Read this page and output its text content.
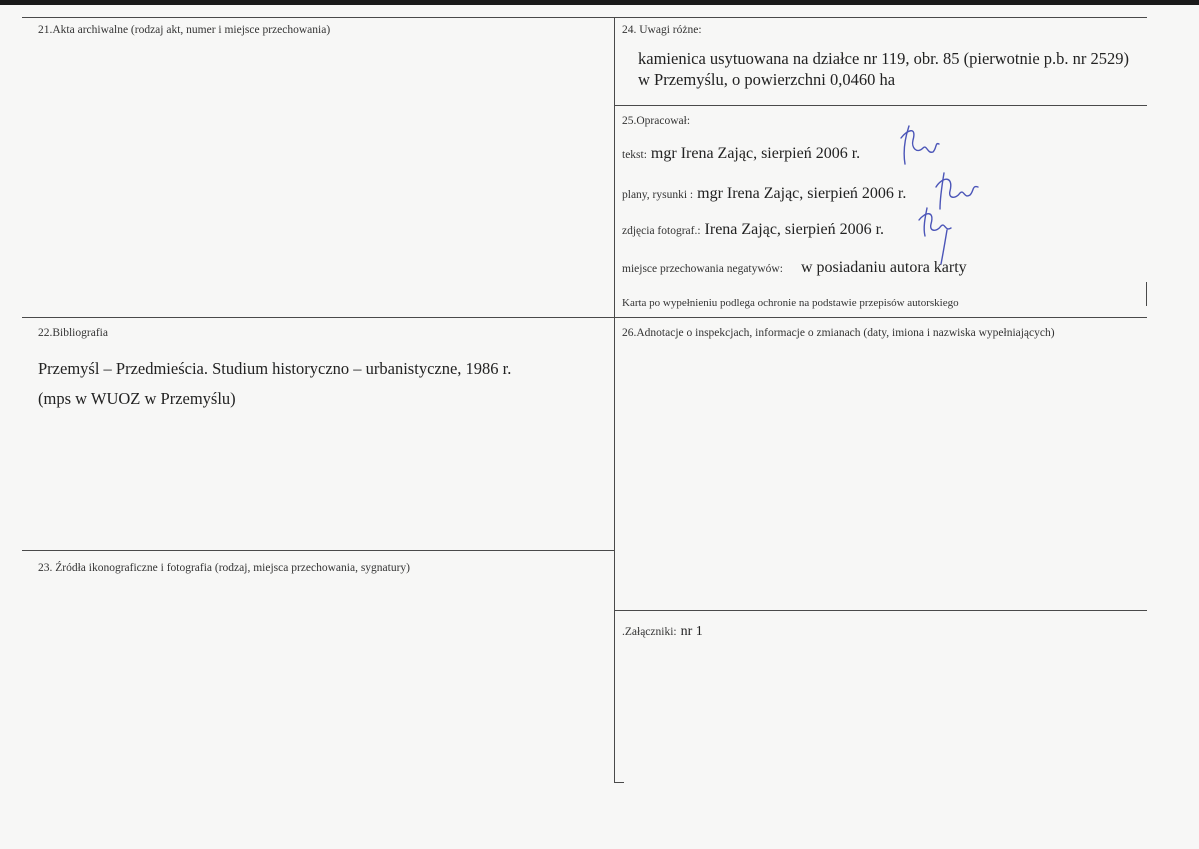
21.Akta archiwalne (rodzaj akt, numer i miejsce przechowania)	24. Uwagi różne:
kamienica usytuowana na działce nr 119, obr. 85 (pierwotnie p.b. nr 2529)
w Przemyślu, o powierzchni 0,0460 ha
25.Opracował:
tekst: mgr Irena Zając, sierpień 2006 r.
plany, rysunki : mgr Irena Zając, sierpień 2006 r.
zdjęcia fotograf.: Irena Zając, sierpień 2006 r.
miejsce przechowania negatywów: w posiadaniu autora karty
Karta po wypełnieniu podlega ochronie na podstawie przepisów autorskiego
22.Bibliografia
Przemyśl – Przedmieścia. Studium historyczno – urbanistyczne, 1986 r.
(mps w WUOZ w Przemyślu)
26.Adnotacje o inspekcjach, informacje o zmianach (daty, imiona i nazwiska wypełniających)
23. Źródła ikonograficzne i fotografia (rodzaj, miejsca przechowania, sygnatury)
.Załączniki: nr 1
